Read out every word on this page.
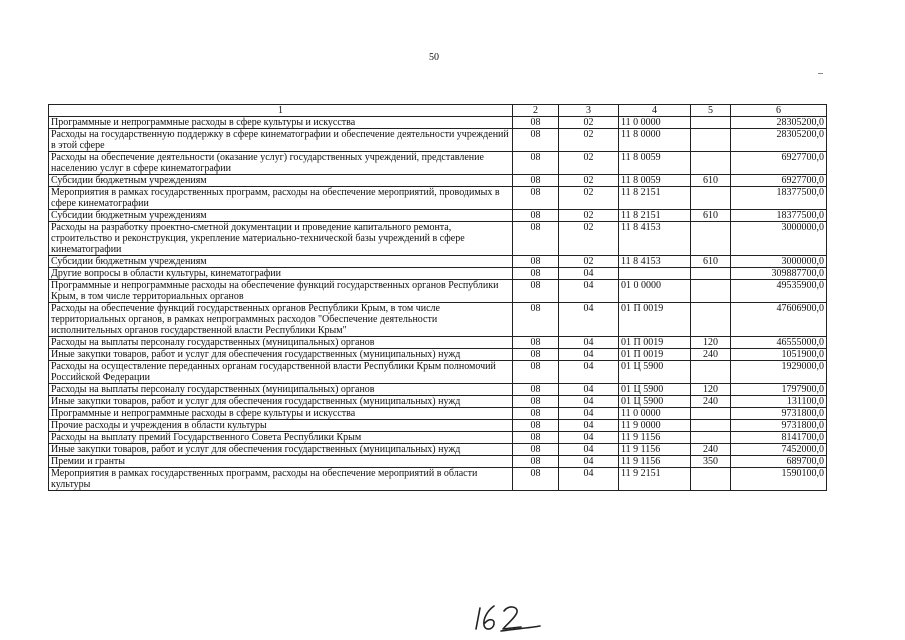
50
1	2	3	4	5	6
Программные и непрограммные расходы в сфере культуры и искусства	08	02	11 0 0000		28305200,0
Расходы на государственную поддержку в сфере кинематографии и обеспечение деятельности учреждений в этой сфере	08	02	11 8 0000		28305200,0
Расходы на обеспечение деятельности (оказание услуг) государственных учреждений, представление населению услуг в сфере кинематографии	08	02	11 8 0059		6927700,0
Субсидии бюджетным учреждениям	08	02	11 8 0059	610	6927700,0
Мероприятия в рамках государственных программ, расходы на обеспечение мероприятий, проводимых в сфере кинематографии	08	02	11 8 2151		18377500,0
Субсидии бюджетным учреждениям	08	02	11 8 2151	610	18377500,0
Расходы на разработку проектно-сметной документации и проведение капитального ремонта, строительство и реконструкция, укрепление материально-технической базы учреждений в сфере кинематографии	08	02	11 8 4153		3000000,0
Субсидии бюджетным учреждениям	08	02	11 8 4153	610	3000000,0
Другие вопросы в области культуры, кинематографии	08	04			309887700,0
Программные и непрограммные расходы на обеспечение функций государственных органов Республики Крым, в том числе территориальных органов	08	04	01 0 0000		49535900,0
Расходы на обеспечение функций государственных органов Республики Крым, в том числе территориальных органов, в рамках непрограммных расходов "Обеспечение деятельности исполнительных органов государственной власти Республики Крым"	08	04	01 П 0019		47606900,0
Расходы на выплаты персоналу государственных (муниципальных) органов	08	04	01 П 0019	120	46555000,0
Иные закупки товаров, работ и услуг для обеспечения государственных (муниципальных) нужд	08	04	01 П 0019	240	1051900,0
Расходы на осуществление переданных органам государственной власти Республики Крым полномочий Российской Федерации	08	04	01 Ц 5900		1929000,0
Расходы на выплаты персоналу государственных (муниципальных) органов	08	04	01 Ц 5900	120	1797900,0
Иные закупки товаров, работ и услуг для обеспечения государственных (муниципальных) нужд	08	04	01 Ц 5900	240	131100,0
Программные и непрограммные расходы в сфере культуры и искусства	08	04	11 0 0000		9731800,0
Прочие расходы и учреждения в области культуры	08	04	11 9 0000		9731800,0
Расходы на выплату премий Государственного Совета Республики Крым	08	04	11 9 1156		8141700,0
Иные закупки товаров, работ и услуг для обеспечения государственных (муниципальных) нужд	08	04	11 9 1156	240	7452000,0
Премии и гранты	08	04	11 9 1156	350	689700,0
Мероприятия в рамках государственных программ, расходы на обеспечение мероприятий в области культуры	08	04	11 9 2151		1590100,0
